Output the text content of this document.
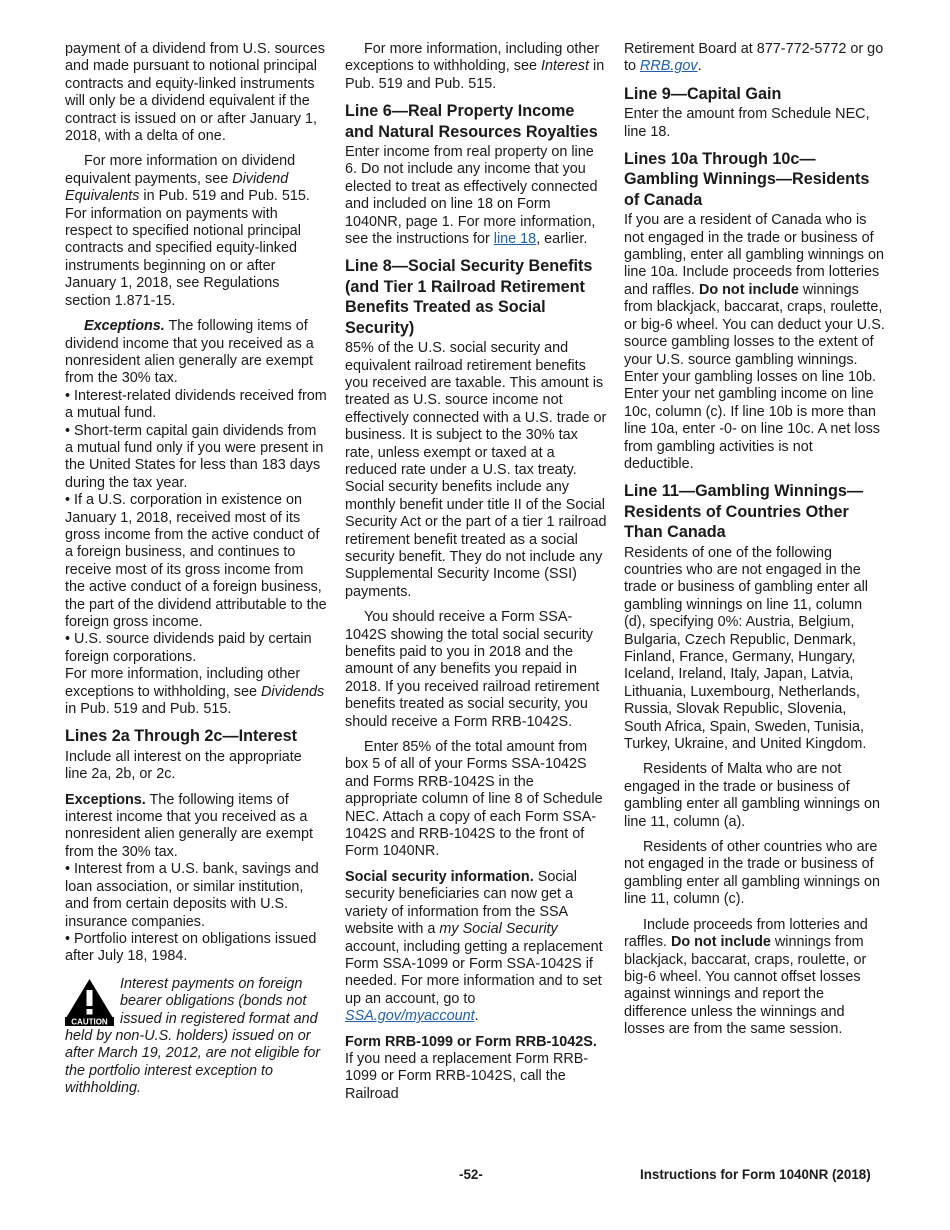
payment of a dividend from U.S. sources and made pursuant to notional principal contracts and equity-linked instruments will only be a dividend equivalent if the contract is issued on or after January 1, 2018, with a delta of one.

For more information on dividend equivalent payments, see Dividend Equivalents in Pub. 519 and Pub. 515. For information on payments with respect to specified notional principal contracts and specified equity-linked instruments beginning on or after January 1, 2018, see Regulations section 1.871-15.

Exceptions. The following items of dividend income that you received as a nonresident alien generally are exempt from the 30% tax.

• Interest-related dividends received from a mutual fund.
• Short-term capital gain dividends from a mutual fund only if you were present in the United States for less than 183 days during the tax year.
• If a U.S. corporation in existence on January 1, 2018, received most of its gross income from the active conduct of a foreign business, and continues to receive most of its gross income from the active conduct of a foreign business, the part of the dividend attributable to the foreign gross income.
• U.S. source dividends paid by certain foreign corporations.

For more information, including other exceptions to withholding, see Dividends in Pub. 519 and Pub. 515.

Lines 2a Through 2c—Interest

Include all interest on the appropriate line 2a, 2b, or 2c.

Exceptions. The following items of interest income that you received as a nonresident alien generally are exempt from the 30% tax.

• Interest from a U.S. bank, savings and loan association, or similar institution, and from certain deposits with U.S. insurance companies.
• Portfolio interest on obligations issued after July 18, 1984.
CAUTION
Interest payments on foreign bearer obligations (bonds not issued in registered format and held by non-U.S. holders) issued on or after March 19, 2012, are not eligible for the portfolio interest exception to withholding.

For more information, including other exceptions to withholding, see Interest in Pub. 519 and Pub. 515.

Line 6—Real Property Income and Natural Resources Royalties

Enter income from real property on line 6. Do not include any income that you elected to treat as effectively connected and included on line 18 on Form 1040NR, page 1. For more information, see the instructions for line 18, earlier.

Line 8—Social Security Benefits (and Tier 1 Railroad Retirement Benefits Treated as Social Security)

85% of the U.S. social security and equivalent railroad retirement benefits you received are taxable. This amount is treated as U.S. source income not effectively connected with a U.S. trade or business. It is subject to the 30% tax rate, unless exempt or taxed at a reduced rate under a U.S. tax treaty. Social security benefits include any monthly benefit under title II of the Social Security Act or the part of a tier 1 railroad retirement benefit treated as a social security benefit. They do not include any Supplemental Security Income (SSI) payments.

You should receive a Form SSA-1042S showing the total social security benefits paid to you in 2018 and the amount of any benefits you repaid in 2018. If you received railroad retirement benefits treated as social security, you should receive a Form RRB-1042S.

Enter 85% of the total amount from box 5 of all of your Forms SSA-1042S and Forms RRB-1042S in the appropriate column of line 8 of Schedule NEC. Attach a copy of each Form SSA-1042S and RRB-1042S to the front of Form 1040NR.

Social security information. Social security beneficiaries can now get a variety of information from the SSA website with a my Social Security account, including getting a replacement Form SSA-1099 or Form SSA-1042S if needed. For more information and to set up an account, go to SSA.gov/myaccount.

Form RRB-1099 or Form RRB-1042S. If you need a replacement Form RRB-1099 or Form RRB-1042S, call the Railroad

Retirement Board at 877-772-5772 or go to RRB.gov.

Line 9—Capital Gain

Enter the amount from Schedule NEC, line 18.

Lines 10a Through 10c—Gambling Winnings—Residents of Canada

If you are a resident of Canada who is not engaged in the trade or business of gambling, enter all gambling winnings on line 10a. Include proceeds from lotteries and raffles. Do not include winnings from blackjack, baccarat, craps, roulette, or big-6 wheel. You can deduct your U.S. source gambling losses to the extent of your U.S. source gambling winnings. Enter your gambling losses on line 10b. Enter your net gambling income on line 10c, column (c). If line 10b is more than line 10a, enter -0- on line 10c. A net loss from gambling activities is not deductible.

Line 11—Gambling Winnings—Residents of Countries Other Than Canada

Residents of one of the following countries who are not engaged in the trade or business of gambling enter all gambling winnings on line 11, column (d), specifying 0%: Austria, Belgium, Bulgaria, Czech Republic, Denmark, Finland, France, Germany, Hungary, Iceland, Ireland, Italy, Japan, Latvia, Lithuania, Luxembourg, Netherlands, Russia, Slovak Republic, Slovenia, South Africa, Spain, Sweden, Tunisia, Turkey, Ukraine, and United Kingdom.

Residents of Malta who are not engaged in the trade or business of gambling enter all gambling winnings on line 11, column (a).

Residents of other countries who are not engaged in the trade or business of gambling enter all gambling winnings on line 11, column (c).

Include proceeds from lotteries and raffles. Do not include winnings from blackjack, baccarat, craps, roulette, or big-6 wheel. You cannot offset losses against winnings and report the difference unless the winnings and losses are from the same session.

-52-	Instructions for Form 1040NR (2018)
